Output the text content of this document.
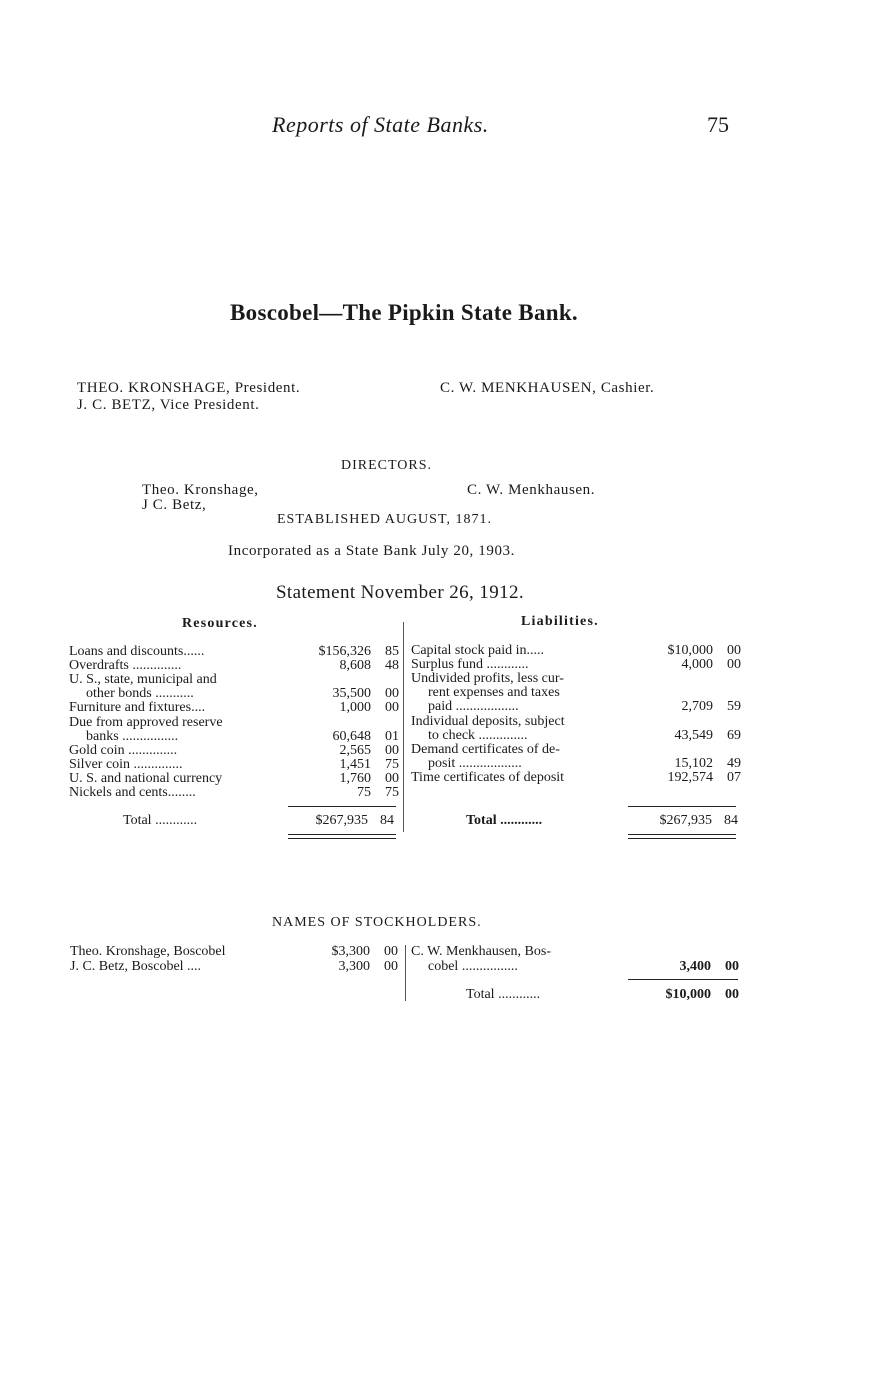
Reports of State Banks.	75
Boscobel—The Pipkin State Bank.
THEO. KRONSHAGE, President.
J. C. BETZ, Vice President.
C. W. MENKHAUSEN, Cashier.
DIRECTORS.
Theo. Kronshage,
J C. Betz,
C. W. Menkhausen.
ESTABLISHED AUGUST, 1871.
Incorporated as a State Bank July 20, 1903.
Statement November 26, 1912.
Resources.	Liabilities.
Loans and discounts......	$156,326	85
Overdrafts ..............	8,608	48
U. S., state, municipal and
other bonds ...........	35,500	00
Furniture and fixtures....	1,000	00
Due from approved reserve
banks ................	60,648	01
Gold coin ..............	2,565	00
Silver coin ..............	1,451	75
U. S. and national currency	1,760	00
Nickels and cents........	75	75
Capital stock paid in.....	$10,000	00
Surplus fund ............	4,000	00
Undivided profits, less cur-
rent expenses and taxes
paid ..................	2,709	59
Individual deposits, subject
to check ..............	43,549	69
Demand certificates of de-
posit ..................	15,102	49
Time certificates of deposit	192,574	07
Total ............	$267,935 84	Total ............	$267,935 84
NAMES OF STOCKHOLDERS.
Theo. Kronshage, Boscobel	$3,300	00
J. C. Betz, Boscobel ....	3,300	00
C. W. Menkhausen, Bos-
cobel ................	3,400	00
Total ............	$10,000	00
